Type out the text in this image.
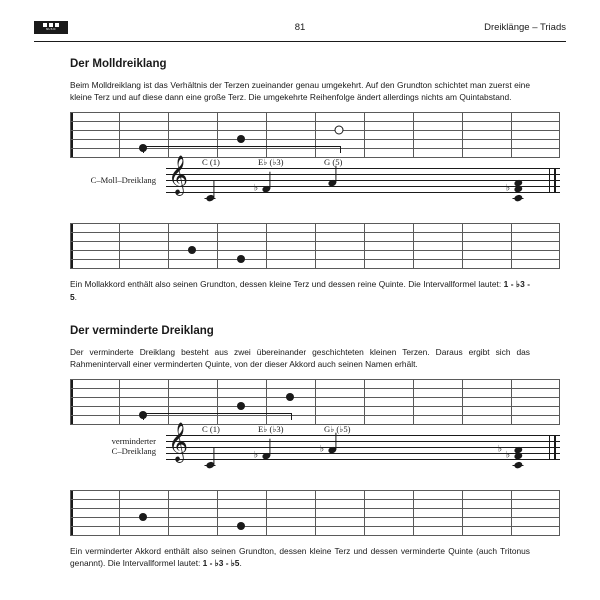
MUSIC	81	Dreiklänge – Triads
Der Molldreiklang

Beim Molldreiklang ist das Verhältnis der Terzen zueinander genau umgekehrt. Auf den Grundton schichtet man zuerst eine kleine Terz und auf diese dann eine große Terz. Die umgekehrte Reihenfolge ändert allerdings nichts am Quintabstand.

C–Moll–Dreiklang 𝄞 C (1)	E♭ (♭3)	G (5)
♭	♭

Ein Mollakkord enthält also seinen Grundton, dessen kleine Terz und dessen reine Quinte. Die Intervallformel lautet: 1 - ♭3 - 5.

Der verminderte Dreiklang

Der verminderte Dreiklang besteht aus zwei übereinander geschichteten kleinen Terzen. Daraus ergibt sich das Rahmenintervall einer verminderten Quinte, von der dieser Akkord auch seinen Namen erhält.

verminderter
C–Dreiklang 𝄞 C (1)	E♭ (♭3)	G♭ (♭5)
♭
♭
♭
♭

Ein verminderter Akkord enthält also seinen Grundton, dessen kleine Terz und dessen verminderte Quinte (auch Tritonus genannt). Die Intervallformel lautet: 1 - ♭3 - ♭5.
